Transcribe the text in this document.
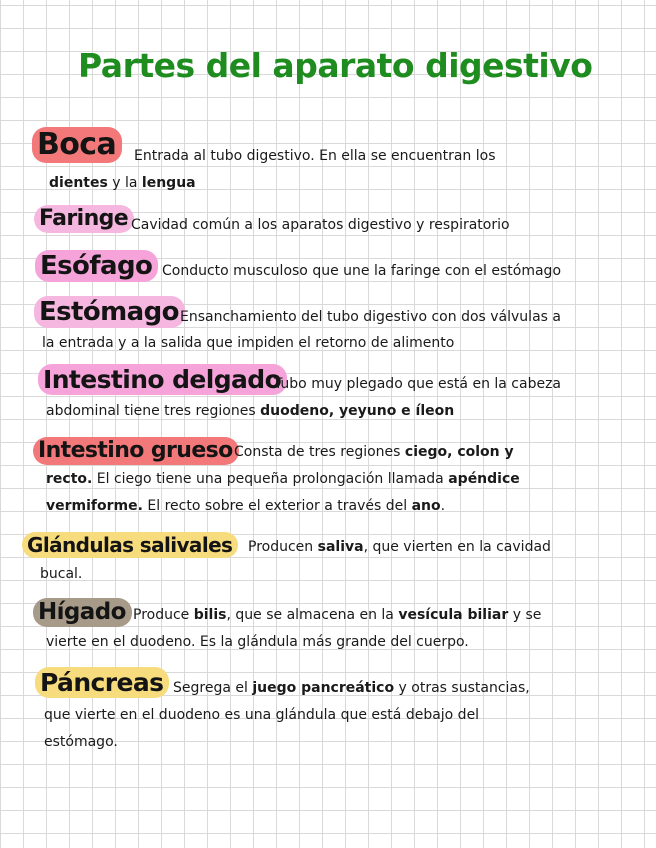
Partes del aparato digestivo
Boca	Entrada al tubo digestivo. En ella se encuentran los
dientes y la lengua
Faringe Cavidad común a los aparatos digestivo y respiratorio
Esófago Conducto musculoso que une la faringe con el estómago
Estómago Ensanchamiento del tubo digestivo con dos válvulas a
la entrada y a la salida que impiden el retorno de alimento
Intestino delgado
Tubo muy plegado que está en la cabeza
abdominal tiene tres regiones duodeno, yeyuno e íleon
Intestino grueso Consta de tres regiones ciego, colon y
recto. El ciego tiene una pequeña prolongación llamada apéndice
vermiforme. El recto sobre el exterior a través del ano.
Glándulas salivales	Producen saliva, que vierten en la cavidad
bucal.
Hígado Produce bilis, que se almacena en la vesícula biliar y se
vierte en el duodeno. Es la glándula más grande del cuerpo.
Páncreas Segrega el juego pancreático y otras sustancias,
que vierte en el duodeno es una glándula que está debajo del
estómago.
